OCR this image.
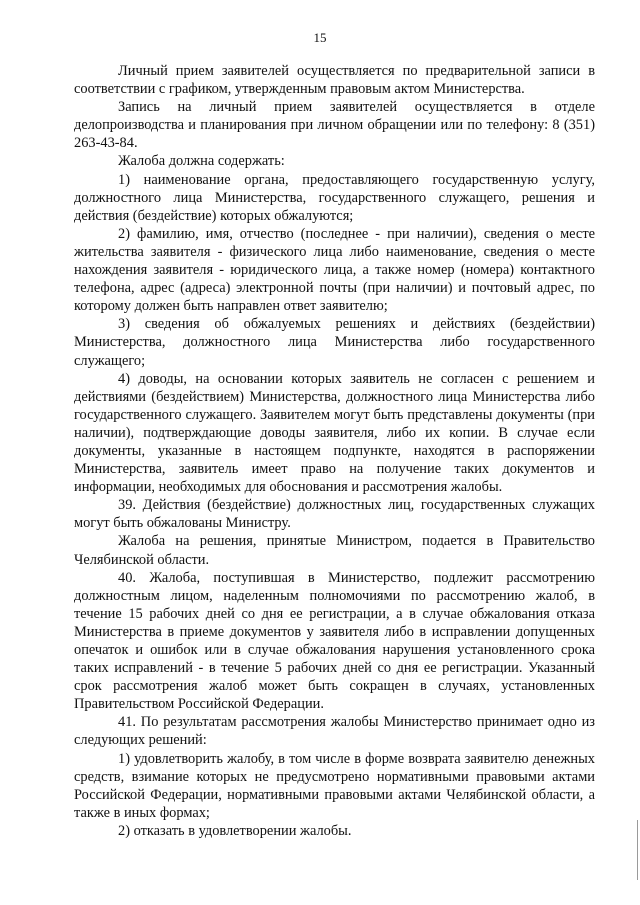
15

Личный прием заявителей осуществляется по предварительной записи в соответствии с графиком, утвержденным правовым актом Министерства.

Запись на личный прием заявителей осуществляется в отделе делопроизводства и планирования при личном обращении или по телефону: 8 (351) 263-43-84.

Жалоба должна содержать:

1) наименование органа, предоставляющего государственную услугу, должностного лица Министерства, государственного служащего, решения и действия (бездействие) которых обжалуются;

2) фамилию, имя, отчество (последнее - при наличии), сведения о месте жительства заявителя - физического лица либо наименование, сведения о месте нахождения заявителя - юридического лица, а также номер (номера) контактного телефона, адрес (адреса) электронной почты (при наличии) и почтовый адрес, по которому должен быть направлен ответ заявителю;

3) сведения об обжалуемых решениях и действиях (бездействии) Министерства, должностного лица Министерства либо государственного служащего;

4) доводы, на основании которых заявитель не согласен с решением и действиями (бездействием) Министерства, должностного лица Министерства либо государственного служащего. Заявителем могут быть представлены документы (при наличии), подтверждающие доводы заявителя, либо их копии. В случае если документы, указанные в настоящем подпункте, находятся в распоряжении Министерства, заявитель имеет право на получение таких документов и информации, необходимых для обоснования и рассмотрения жалобы.

39. Действия (бездействие) должностных лиц, государственных служащих могут быть обжалованы Министру.

Жалоба на решения, принятые Министром, подается в Правительство Челябинской области.

40. Жалоба, поступившая в Министерство, подлежит рассмотрению должностным лицом, наделенным полномочиями по рассмотрению жалоб, в течение 15 рабочих дней со дня ее регистрации, а в случае обжалования отказа Министерства в приеме документов у заявителя либо в исправлении допущенных опечаток и ошибок или в случае обжалования нарушения установленного срока таких исправлений - в течение 5 рабочих дней со дня ее регистрации. Указанный срок рассмотрения жалоб может быть сокращен в случаях, установленных Правительством Российской Федерации.

41. По результатам рассмотрения жалобы Министерство принимает одно из следующих решений:

1) удовлетворить жалобу, в том числе в форме возврата заявителю денежных средств, взимание которых не предусмотрено нормативными правовыми актами Российской Федерации, нормативными правовыми актами Челябинской области, а также в иных формах;

2) отказать в удовлетворении жалобы.
